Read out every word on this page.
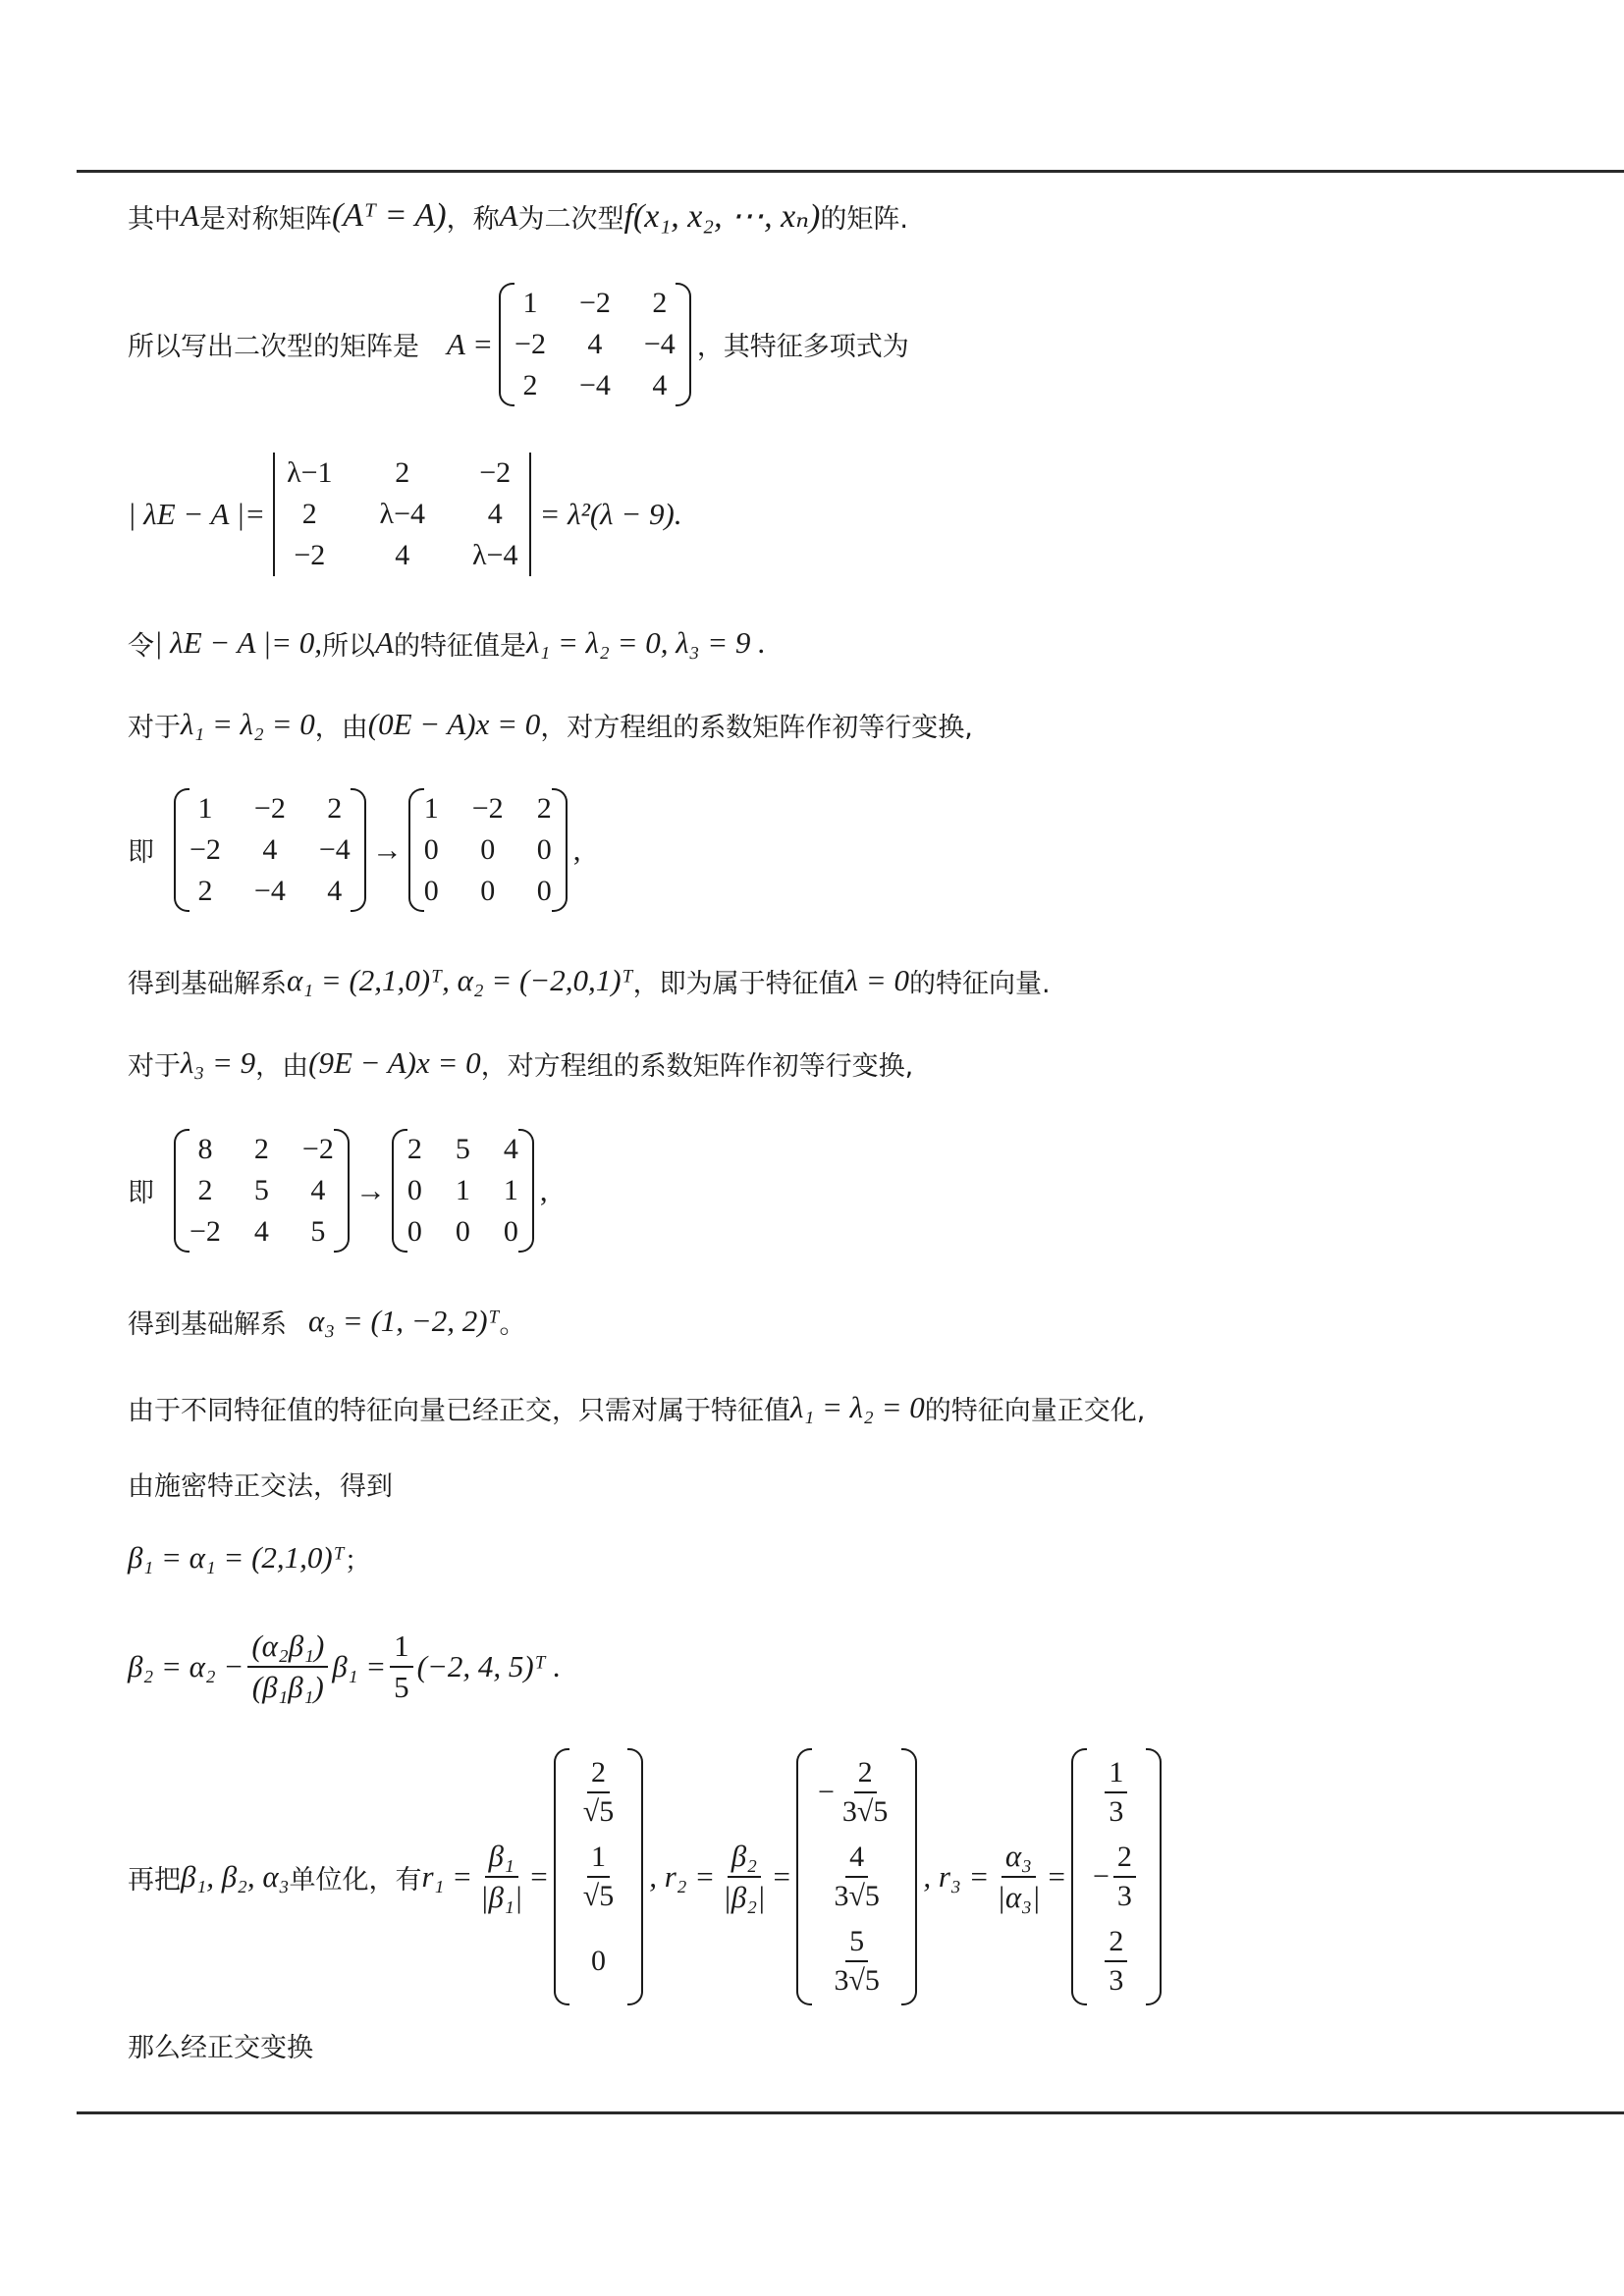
其中 A 是对称矩阵 (Aᵀ = A) ，称 A 为二次型 f(x₁, x₂, ⋯, xₙ) 的矩阵.
所以写出二次型的矩阵是 A =
1 −2 2
−2 4 −4
2 −4 4
，其特征多项式为
| λE − A |=
λ−1	2	−2
2	λ−4	4
−2	4	λ−4
= λ²(λ − 9).
令 | λE − A |= 0, 所以 A 的特征值是 λ₁ = λ₂ = 0, λ₃ = 9 .
对于 λ₁ = λ₂ = 0 ，由 (0E − A)x = 0 ，对方程组的系数矩阵作初等行变换,
即
1 −2 2
−2 4 −4
2 −4 4
→
1 −2 2
0 0 0
0 0 0
,
得到基础解系 α₁ = (2,1,0)ᵀ, α₂ = (−2,0,1)ᵀ ，即为属于特征值 λ = 0 的特征向量.
对于 λ₃ = 9 ，由 (9E − A)x = 0 ，对方程组的系数矩阵作初等行变换,
即
8 2 −2
2 5 4
−2 4 5
→
2 5 4
0 1 1
0 0 0
,
得到基础解系 α₃ = (1, −2, 2)ᵀ 。
由于不同特征值的特征向量已经正交，只需对属于特征值 λ₁ = λ₂ = 0 的特征向量正交化,
由施密特正交法，得到
β₁ = α₁ = (2,1,0)ᵀ ；
$\beta_2 = \alpha_2 - \frac{\text{(α₂β₁)}}{\text{(β₁β₁)}} \beta_1 = \frac{1}{5} (-2$, 4, 5)ᵀ .
再把 β₁, β₂, α₃ 单位化，有 $r_1 = \frac{\text{β₁}}{\text{|β₁|}}$ =
$\frac{2}{√5}$
$\frac{1}{√5}$
0
, $r_2 = \frac{\text{β₂}}{\text{|β₂|}}$ =
− $\frac{2}{3√5}$
$\frac{4}{3√5}$
$\frac{5}{3√5}$
, $r_3 = \frac{\text{α₃}}{\text{|α₃|}}$ =
$\frac{1}{3}$
− $\frac{2}{3}$
$\frac{2}{3}$
那么经正交变换
